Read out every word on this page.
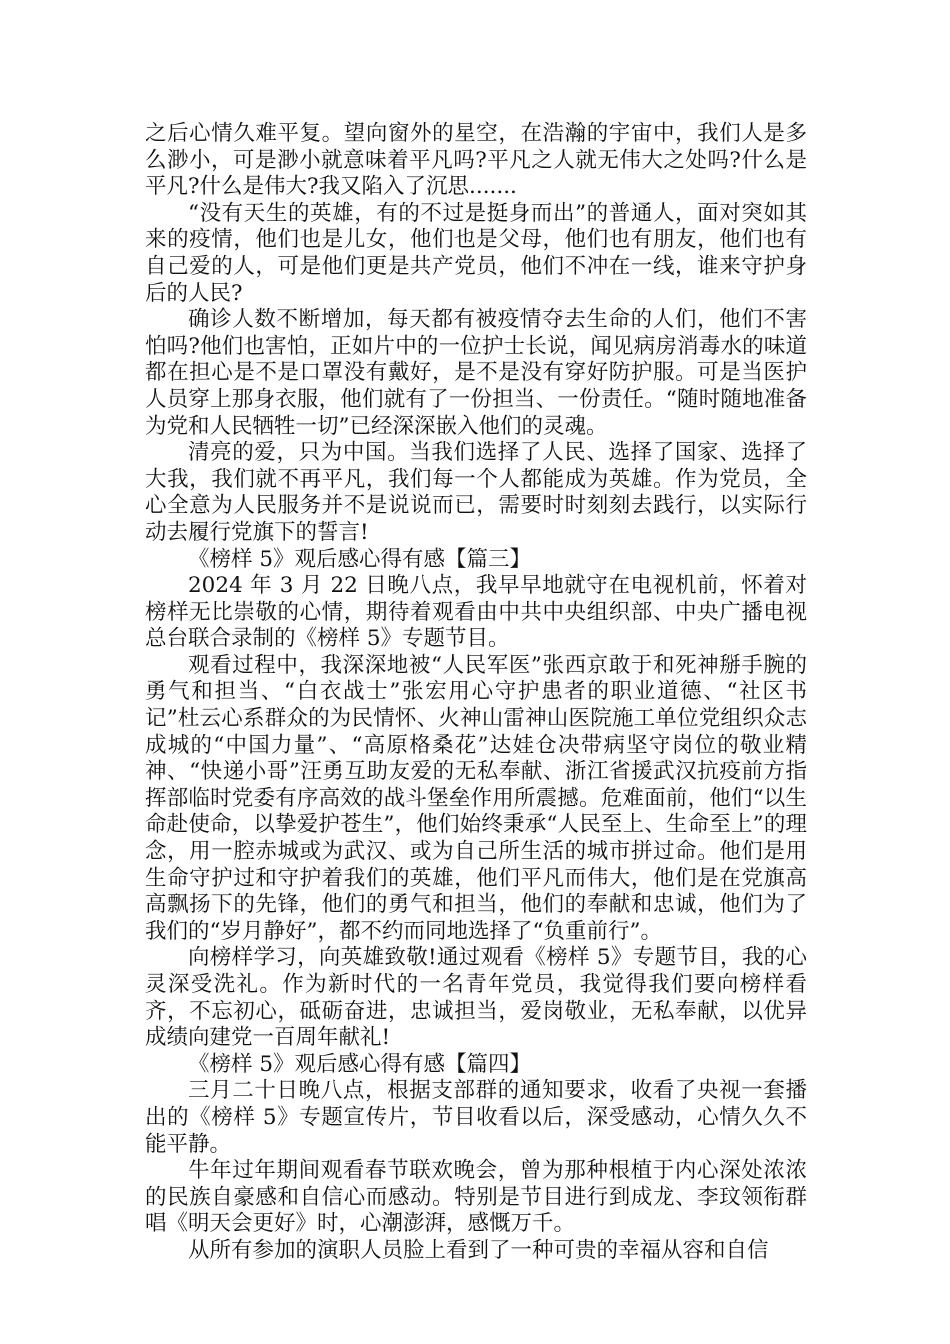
之后心情久难平复。望向窗外的星空，在浩瀚的宇宙中，我们人是多么渺小，可是渺小就意味着平凡吗?平凡之人就无伟大之处吗?什么是平凡?什么是伟大?我又陷入了沉思.......

“没有天生的英雄，有的不过是挺身而出”的普通人，面对突如其来的疫情，他们也是儿女，他们也是父母，他们也有朋友，他们也有自己爱的人，可是他们更是共产党员，他们不冲在一线，谁来守护身后的人民?

确诊人数不断增加，每天都有被疫情夺去生命的人们，他们不害怕吗?他们也害怕，正如片中的一位护士长说，闻见病房消毒水的味道都在担心是不是口罩没有戴好，是不是没有穿好防护服。可是当医护人员穿上那身衣服，他们就有了一份担当、一份责任。“随时随地准备为党和人民牺牲一切”已经深深嵌入他们的灵魂。

清亮的爱，只为中国。当我们选择了人民、选择了国家、选择了大我，我们就不再平凡，我们每一个人都能成为英雄。作为党员，全心全意为人民服务并不是说说而已，需要时时刻刻去践行，以实际行动去履行党旗下的誓言!

《榜样 5》观后感心得有感【篇三】

2024 年 3 月 22 日晚八点，我早早地就守在电视机前，怀着对榜样无比崇敬的心情，期待着观看由中共中央组织部、中央广播电视总台联合录制的《榜样 5》专题节目。

观看过程中，我深深地被“人民军医”张西京敢于和死神掰手腕的勇气和担当、“白衣战士”张宏用心守护患者的职业道德、“社区书记”杜云心系群众的为民情怀、火神山雷神山医院施工单位党组织众志成城的“中国力量”、“高原格桑花”达娃仓决带病坚守岗位的敬业精神、“快递小哥”汪勇互助友爱的无私奉献、浙江省援武汉抗疫前方指挥部临时党委有序高效的战斗堡垒作用所震撼。危难面前，他们“以生命赴使命，以挚爱护苍生”，他们始终秉承“人民至上、生命至上”的理念，用一腔赤城或为武汉、或为自己所生活的城市拼过命。他们是用生命守护过和守护着我们的英雄，他们平凡而伟大，他们是在党旗高高飘扬下的先锋，他们的勇气和担当，他们的奉献和忠诚，他们为了我们的“岁月静好”，都不约而同地选择了“负重前行”。

向榜样学习，向英雄致敬!通过观看《榜样 5》专题节目，我的心灵深受洗礼。作为新时代的一名青年党员，我觉得我们要向榜样看齐，不忘初心，砥砺奋进，忠诚担当，爱岗敬业，无私奉献，以优异成绩向建党一百周年献礼!

《榜样 5》观后感心得有感【篇四】

三月二十日晚八点，根据支部群的通知要求，收看了央视一套播出的《榜样 5》专题宣传片，节目收看以后，深受感动，心情久久不能平静。

牛年过年期间观看春节联欢晚会，曾为那种根植于内心深处浓浓的民族自豪感和自信心而感动。特别是节目进行到成龙、李玟领衔群唱《明天会更好》时，心潮澎湃，感慨万千。

从所有参加的演职人员脸上看到了一种可贵的幸福从容和自信
